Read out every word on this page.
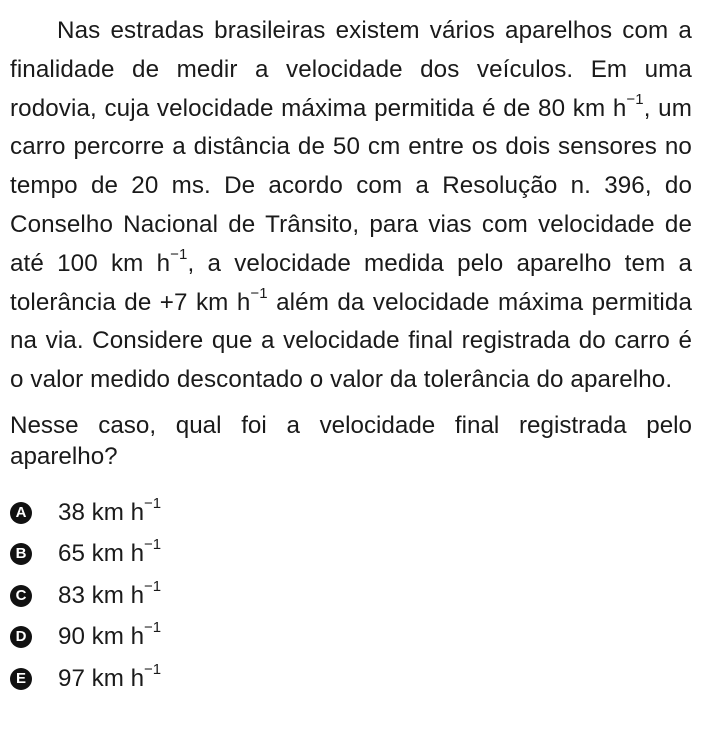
Nas estradas brasileiras existem vários aparelhos com a finalidade de medir a velocidade dos veículos. Em uma rodovia, cuja velocidade máxima permitida é de 80 km $h^{-1}$, um carro percorre a distância de 50 cm entre os dois sensores no tempo de 20 ms. De acordo com a Resolução n. 396, do Conselho Nacional de Trânsito, para vias com velocidade de até 100 km $h^{-1}$, a velocidade medida pelo aparelho tem a tolerância de +7 km $h^{-1}$ além da velocidade máxima permitida na via. Considere que a velocidade final registrada do carro é o valor medido descontado o valor da tolerância do aparelho.

Nesse caso, qual foi a velocidade final registrada pelo aparelho?

A 38 km $h^{-1}$
B 65 km $h^{-1}$
C 83 km $h^{-1}$
D 90 km $h^{-1}$
E 97 km $h^{-1}$
